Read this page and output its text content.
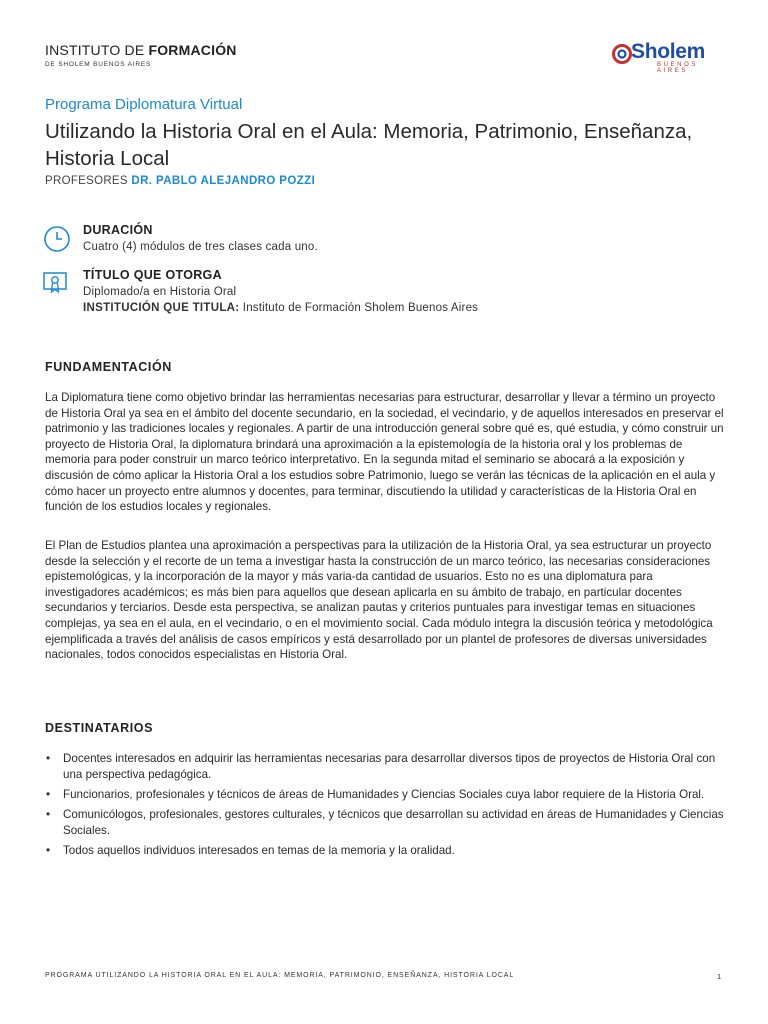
INSTITUTO DE FORMACIÓN
DE SHOLEM BUENOS AIRES
Sholem
BUENOS AIRES
Programa Diplomatura Virtual
Utilizando la Historia Oral en el Aula: Memoria, Patrimonio, Enseñanza, Historia Local
PROFESORES DR. PABLO ALEJANDRO POZZI
DURACIÓN
Cuatro (4) módulos de tres clases cada uno.
TÍTULO QUE OTORGA
Diplomado/a en Historia Oral
INSTITUCIÓN QUE TITULA: Instituto de Formación Sholem Buenos Aires
FUNDAMENTACIÓN

La Diplomatura tiene como objetivo brindar las herramientas necesarias para estructurar, desarrollar y llevar a término un proyecto de Historia Oral ya sea en el ámbito del docente secundario, en la sociedad, el vecindario, y de aquellos interesados en preservar el patrimonio y las tradiciones locales y regionales. A partir de una introducción general sobre qué es, qué estudia, y cómo construir un proyecto de Historia Oral, la diplomatura brindará una aproximación a la epistemología de la historia oral y los problemas de memoria para poder construir un marco teórico interpretativo. En la segunda mitad el seminario se abocará a la exposición y discusión de cómo aplicar la Historia Oral a los estudios sobre Patrimonio, luego se verán las técnicas de la aplicación en el aula y cómo hacer un proyecto entre alumnos y docentes, para terminar, discutiendo la utilidad y características de la Historia Oral en función de los estudios locales y regionales.

El Plan de Estudios plantea una aproximación a perspectivas para la utilización de la Historia Oral, ya sea estructurar un proyecto desde la selección y el recorte de un tema a investigar hasta la construcción de un marco teórico, las necesarias consideraciones epistemológicas, y la incorporación de la mayor y más varia-da cantidad de usuarios. Esto no es una diplomatura para investigadores académicos; es más bien para aquellos que desean aplicarla en su ámbito de trabajo, en particular docentes secundarios y terciarios. Desde esta perspectiva, se analizan pautas y criterios puntuales para investigar temas en situaciones complejas, ya sea en el aula, en el vecindario, o en el movimiento social. Cada módulo integra la discusión teórica y metodológica ejemplificada a través del análisis de casos empíricos y está desarrollado por un plantel de profesores de diversas universidades nacionales, todos conocidos especialistas en Historia Oral.

DESTINATARIOS
• Docentes interesados en adquirir las herramientas necesarias para desarrollar diversos tipos de proyectos de Historia Oral con una perspectiva pedagógica.
• Funcionarios, profesionales y técnicos de áreas de Humanidades y Ciencias Sociales cuya labor requiere de la Historia Oral.
• Comunicólogos, profesionales, gestores culturales, y técnicos que desarrollan su actividad en áreas de Humanidades y Ciencias Sociales.
• Todos aquellos individuos interesados en temas de la memoria y la oralidad.
PROGRAMA UTILIZANDO LA HISTORIA ORAL EN EL AULA: MEMORIA, PATRIMONIO, ENSEÑANZA, HISTORIA LOCAL	1
